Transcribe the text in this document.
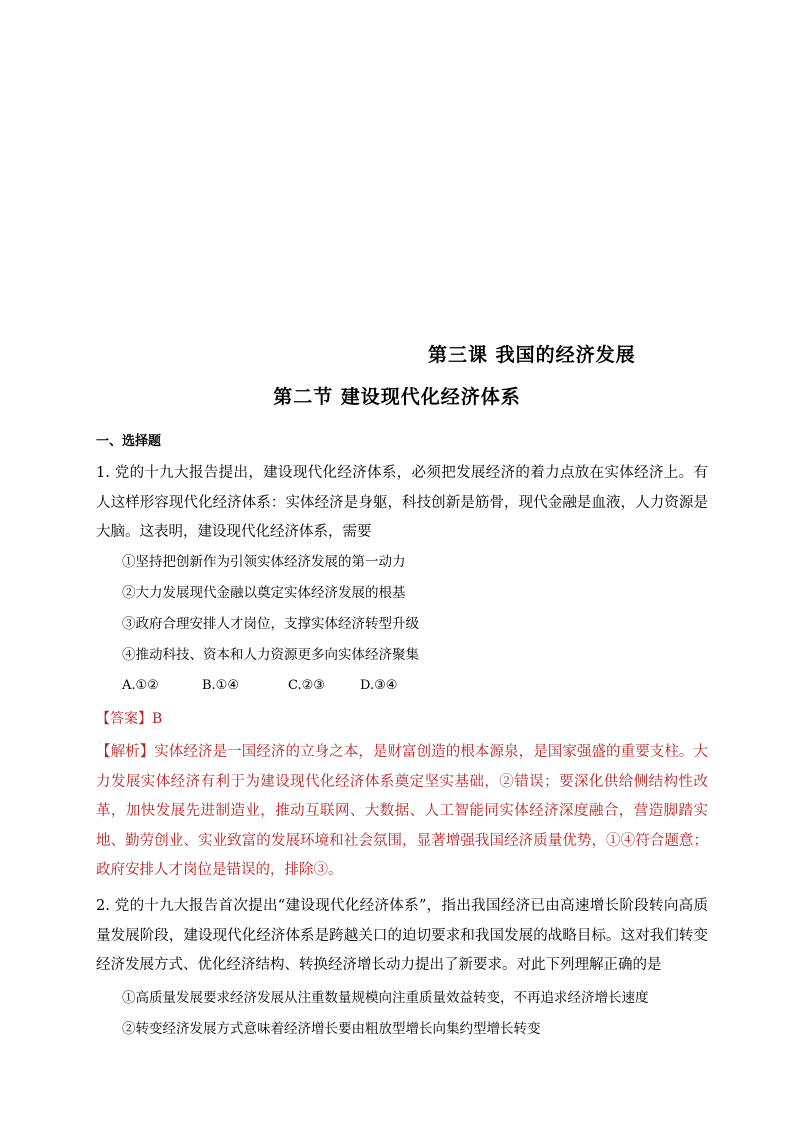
第三课 我国的经济发展
第二节 建设现代化经济体系
一、选择题
1. 党的十九大报告提出，建设现代化经济体系，必须把发展经济的着力点放在实体经济上。有人这样形容现代化经济体系：实体经济是身躯，科技创新是筋骨，现代金融是血液，人力资源是大脑。这表明，建设现代化经济体系，需要
①坚持把创新作为引领实体经济发展的第一动力
②大力发展现代金融以奠定实体经济发展的根基
③政府合理安排人才岗位，支撑实体经济转型升级
④推动科技、资本和人力资源更多向实体经济聚集
A.①②	B.①④	C.②③	D.③④
【答案】B
【解析】实体经济是一国经济的立身之本，是财富创造的根本源泉，是国家强盛的重要支柱。大力发展实体经济有利于为建设现代化经济体系奠定坚实基础，②错误；要深化供给侧结构性改革，加快发展先进制造业，推动互联网、大数据、人工智能同实体经济深度融合，营造脚踏实地、勤劳创业、实业致富的发展环境和社会氛围，显著增强我国经济质量优势，①④符合题意；政府安排人才岗位是错误的，排除③。
2. 党的十九大报告首次提出“建设现代化经济体系”，指出我国经济已由高速增长阶段转向高质量发展阶段，建设现代化经济体系是跨越关口的迫切要求和我国发展的战略目标。这对我们转变经济发展方式、优化经济结构、转换经济增长动力提出了新要求。对此下列理解正确的是
①高质量发展要求经济发展从注重数量规模向注重质量效益转变，不再追求经济增长速度
②转变经济发展方式意味着经济增长要由粗放型增长向集约型增长转变
